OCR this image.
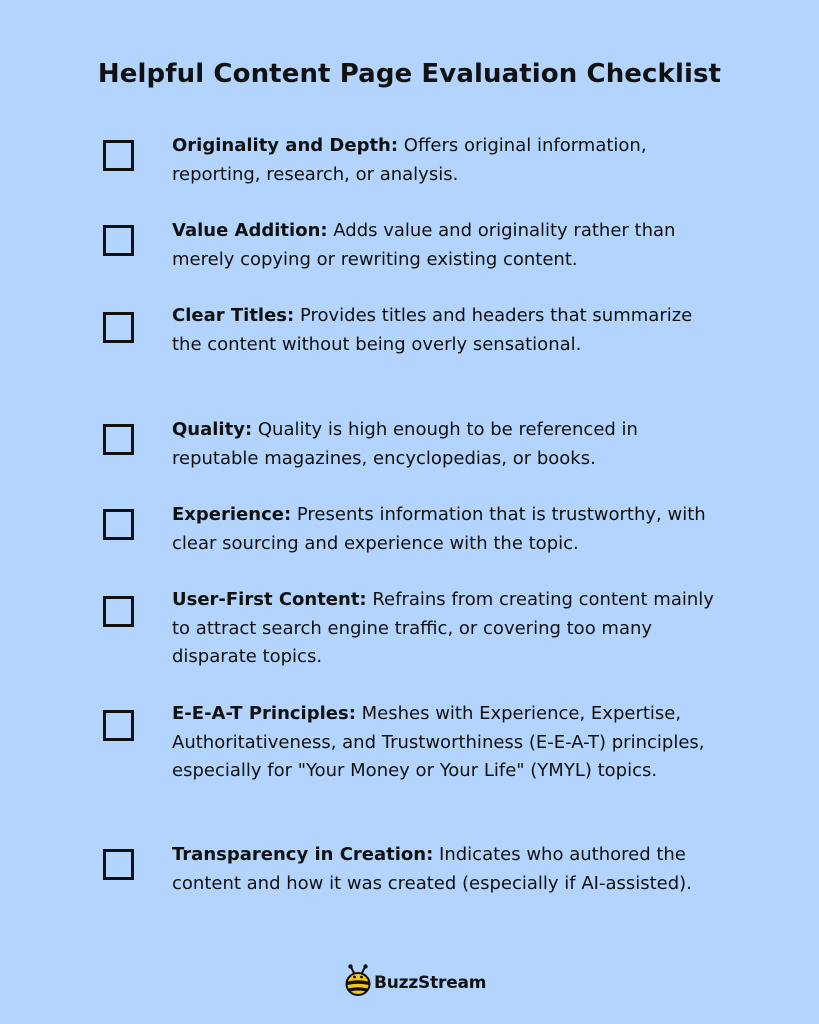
Helpful Content Page Evaluation Checklist
Originality and Depth: Offers original information, reporting, research, or analysis.
Value Addition: Adds value and originality rather than merely copying or rewriting existing content.
Clear Titles: Provides titles and headers that summarize the content without being overly sensational.
Quality: Quality is high enough to be referenced in reputable magazines, encyclopedias, or books.
Experience: Presents information that is trustworthy, with clear sourcing and experience with the topic.
User-First Content: Refrains from creating content mainly to attract search engine traffic, or covering too many disparate topics.
E-E-A-T Principles: Meshes with Experience, Expertise, Authoritativeness, and Trustworthiness (E-E-A-T) principles, especially for "Your Money or Your Life" (YMYL) topics.
Transparency in Creation: Indicates who authored the content and how it was created (especially if AI-assisted).
BuzzStream
